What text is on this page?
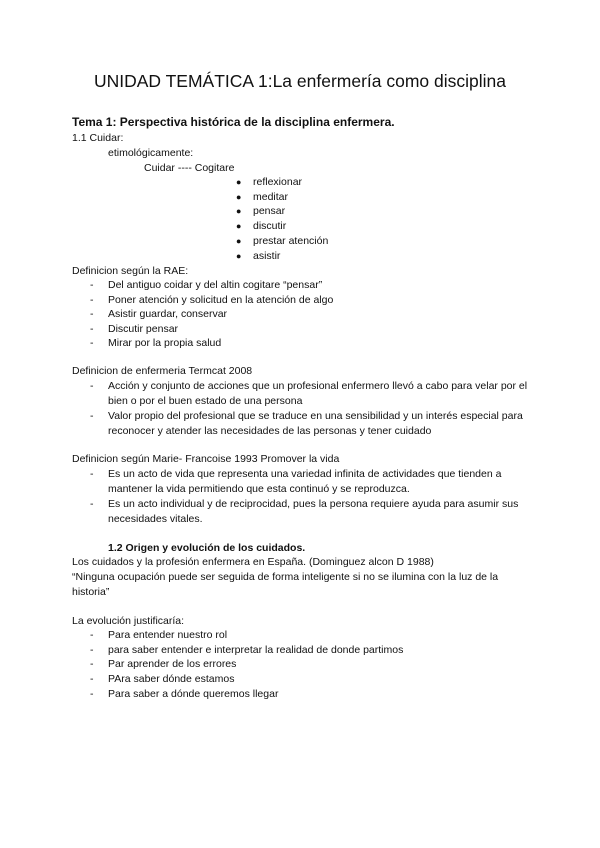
UNIDAD TEMÁTICA 1:La enfermería como disciplina
Tema 1: Perspectiva histórica de la disciplina enfermera.
1.1 Cuidar:
etimológicamente:
Cuidar ---- Cogitare
● reflexionar
● meditar
● pensar
● discutir
● prestar atención
● asistir
Definicion según la RAE:
- Del antiguo coidar y del altin cogitare “pensar”
- Poner atención y solicitud en la atención de algo
- Asistir guardar, conservar
- Discutir pensar
- Mirar por la propia salud
Definicion de enfermeria Termcat 2008
- Acción y conjunto de acciones que un profesional enfermero llevó a cabo para velar por el bien o por el buen estado de una persona
- Valor propio del profesional que se traduce en una sensibilidad y un interés especial para reconocer y atender las necesidades de las personas y tener cuidado
Definicion según Marie- Francoise 1993 Promover la vida
- Es un acto de vida que representa una variedad infinita de actividades que tienden a mantener la vida permitiendo que esta continuó y se reproduzca.
- Es un acto individual y de reciprocidad, pues la persona requiere ayuda para asumir sus necesidades vitales.
1.2 Origen y evolución de los cuidados.
Los cuidados y la profesión enfermera en España. (Dominguez alcon D 1988)
“Ninguna ocupación puede ser seguida de forma inteligente si no se ilumina con la luz de la historia”
La evolución justificaría:
- Para entender nuestro rol
- para saber entender e interpretar la realidad de donde partimos
- Par aprender de los errores
- PAra saber dónde estamos
- Para saber a dónde queremos llegar
